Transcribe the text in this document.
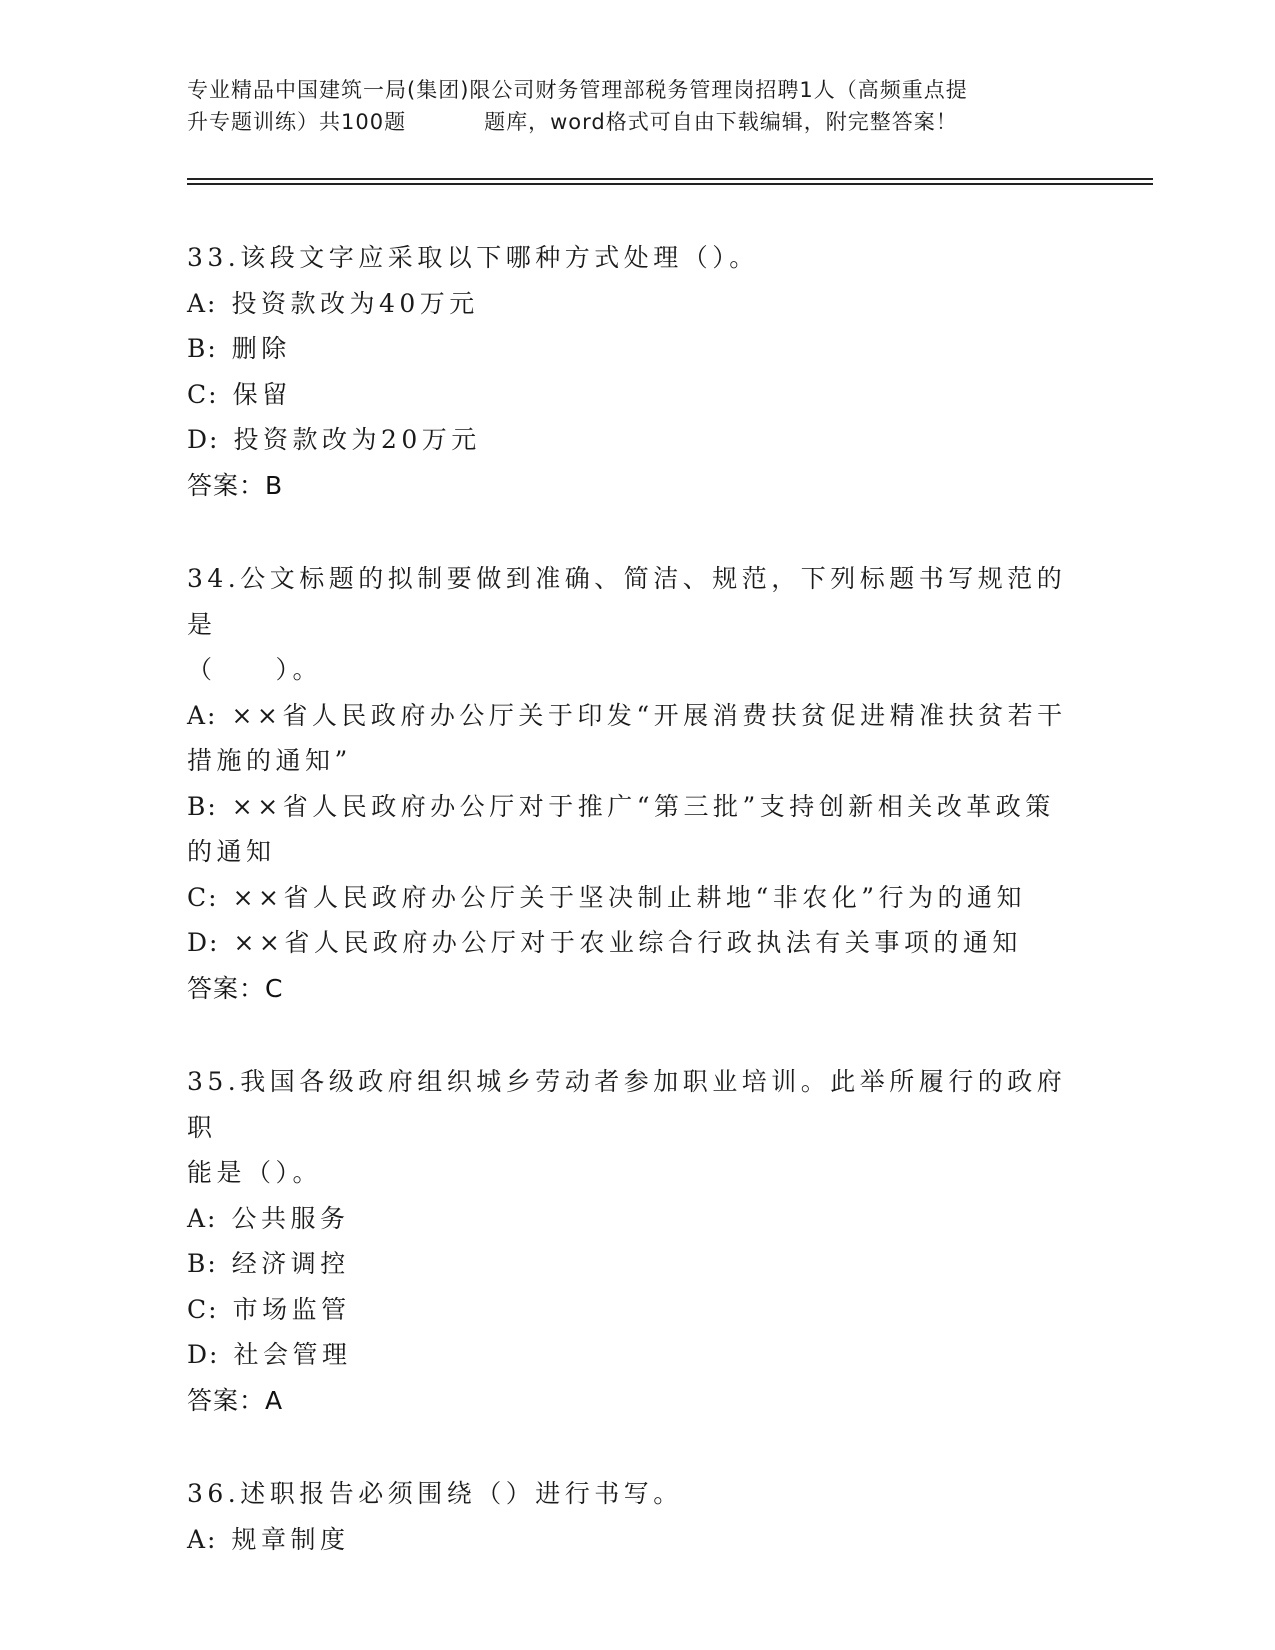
专业精品中国建筑一局(集团)限公司财务管理部税务管理岗招聘1人（高频重点提
升专题训练）共100题	题库，word格式可自由下载编辑，附完整答案！
33.该段文字应采取以下哪种方式处理（）。
A: 投资款改为40万元
B: 删除
C: 保留
D: 投资款改为20万元
答案：B
34.公文标题的拟制要做到准确、简洁、规范，下列标题书写规范的是
（　　）。
A: ××省人民政府办公厅关于印发“开展消费扶贫促进精准扶贫若干
措施的通知”
B: ××省人民政府办公厅对于推广“第三批”支持创新相关改革政策
的通知
C: ××省人民政府办公厅关于坚决制止耕地“非农化”行为的通知
D: ××省人民政府办公厅对于农业综合行政执法有关事项的通知
答案：C
35.我国各级政府组织城乡劳动者参加职业培训。此举所履行的政府职
能是（）。
A: 公共服务
B: 经济调控
C: 市场监管
D: 社会管理
答案：A
36.述职报告必须围绕（）进行书写。
A: 规章制度
